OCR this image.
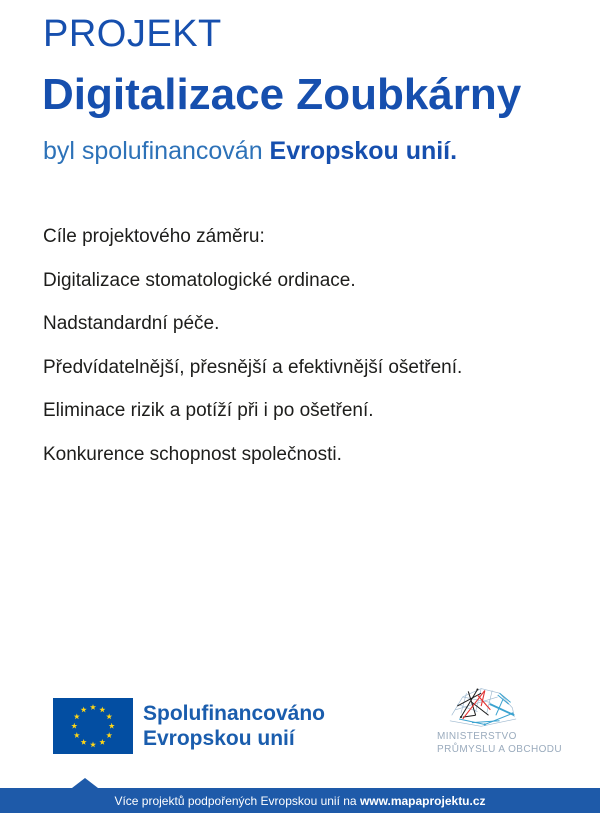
PROJEKT
Digitalizace Zoubkárny

byl spolufinancován Evropskou unií.

Cíle projektového záměru:

Digitalizace stomatologické ordinace.

Nadstandardní péče.

Předvídatelnější, přesnější a efektivnější ošetření.

Eliminace rizik a potíží při i po ošetření.

Konkurence schopnost společnosti.

Spolufinancováno
Evropskou unií	MINISTERSTVO
PRŮMYSLU A OBCHODU
Více projektů podpořených Evropskou unií na www.mapaprojektu.cz
